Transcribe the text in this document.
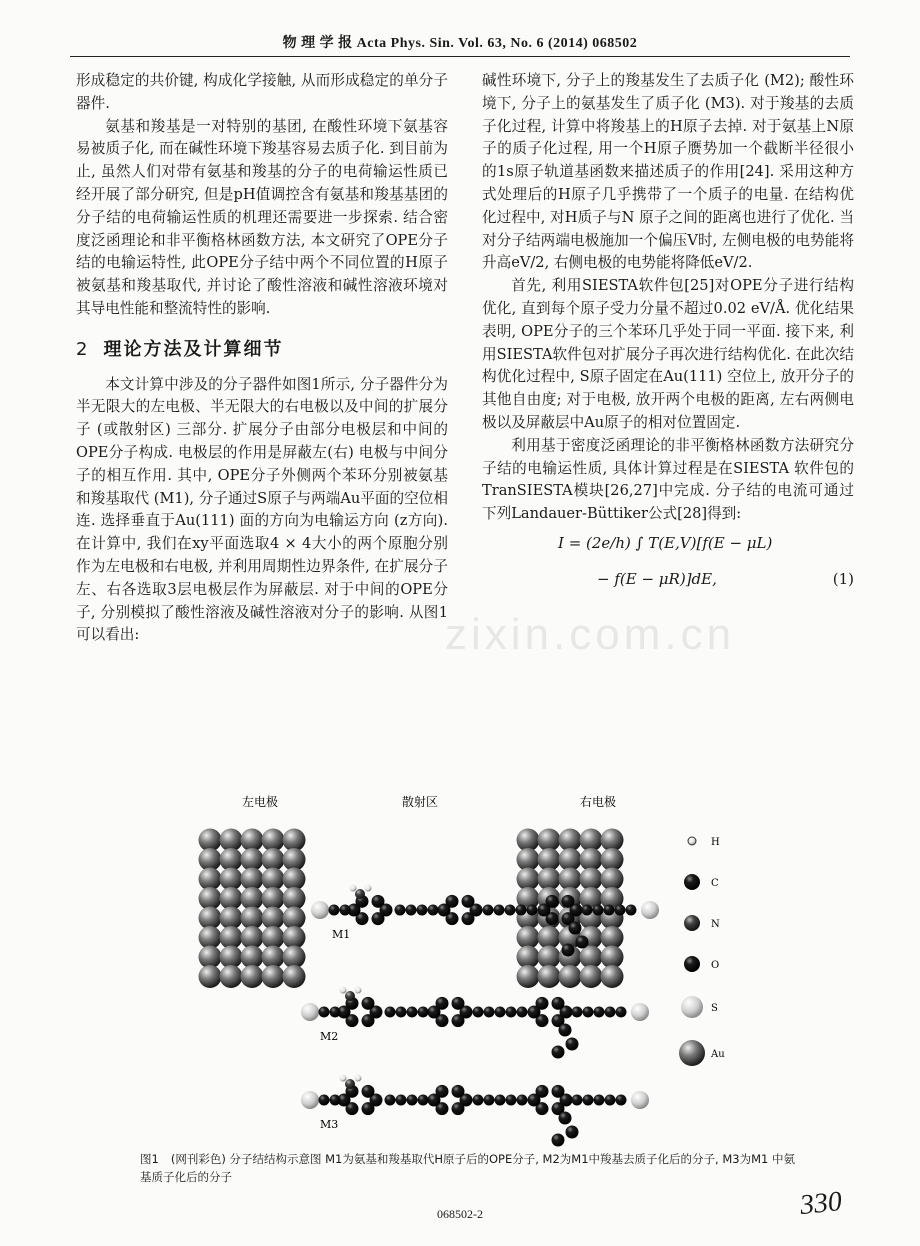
物 理 学 报 Acta Phys. Sin. Vol. 63, No. 6 (2014) 068502
zixin.com.cn

形成稳定的共价键, 构成化学接触, 从而形成稳定的单分子器件.

氨基和羧基是一对特别的基团, 在酸性环境下氨基容易被质子化, 而在碱性环境下羧基容易去质子化. 到目前为止, 虽然人们对带有氨基和羧基的分子的电荷输运性质已经开展了部分研究, 但是pH值调控含有氨基和羧基基团的分子结的电荷输运性质的机理还需要进一步探索. 结合密度泛函理论和非平衡格林函数方法, 本文研究了OPE分子结的电输运特性, 此OPE分子结中两个不同位置的H原子被氨基和羧基取代, 并讨论了酸性溶液和碱性溶液环境对其导电性能和整流特性的影响.

2 理论方法及计算细节

本文计算中涉及的分子器件如图1所示, 分子器件分为半无限大的左电极、半无限大的右电极以及中间的扩展分子 (或散射区) 三部分. 扩展分子由部分电极层和中间的OPE分子构成. 电极层的作用是屏蔽左(右) 电极与中间分子的相互作用. 其中, OPE分子外侧两个苯环分别被氨基和羧基取代 (M1), 分子通过S原子与两端Au平面的空位相连. 选择垂直于Au(111) 面的方向为电输运方向 (z方向). 在计算中, 我们在xy平面选取4 × 4大小的两个原胞分别作为左电极和右电极, 并利用周期性边界条件, 在扩展分子左、右各选取3层电极层作为屏蔽层. 对于中间的OPE分子, 分别模拟了酸性溶液及碱性溶液对分子的影响. 从图1可以看出:

碱性环境下, 分子上的羧基发生了去质子化 (M2); 酸性环境下, 分子上的氨基发生了质子化 (M3). 对于羧基的去质子化过程, 计算中将羧基上的H原子去掉. 对于氨基上N原子的质子化过程, 用一个H原子赝势加一个截断半径很小的1s原子轨道基函数来描述质子的作用[24]. 采用这种方式处理后的H原子几乎携带了一个质子的电量. 在结构优化过程中, 对H质子与N 原子之间的距离也进行了优化. 当对分子结两端电极施加一个偏压V时, 左侧电极的电势能将升高eV/2, 右侧电极的电势能将降低eV/2.

首先, 利用SIESTA软件包[25]对OPE分子进行结构优化, 直到每个原子受力分量不超过0.02 eV/Å. 优化结果表明, OPE分子的三个苯环几乎处于同一平面. 接下来, 利用SIESTA软件包对扩展分子再次进行结构优化. 在此次结构优化过程中, S原子固定在Au(111) 空位上, 放开分子的其他自由度; 对于电极, 放开两个电极的距离, 左右两侧电极以及屏蔽层中Au原子的相对位置固定.

利用基于密度泛函理论的非平衡格林函数方法研究分子结的电输运性质, 具体计算过程是在SIESTA 软件包的TranSIESTA模块[26,27]中完成. 分子结的电流可通过下列Landauer-Büttiker公式[28]得到:

I = (2e/h) ∫ T(E,V)[f(E − μL)
− f(E − μR)]dE,	(1)
左电极	散射区	右电极
M1
M2
M3
H
C
N
O
S
Au
图1 (网刊彩色) 分子结结构示意图 M1为氨基和羧基取代H原子后的OPE分子, M2为M1中羧基去质子化后的分子, M3为M1 中氨基质子化后的分子
068502-2	330
